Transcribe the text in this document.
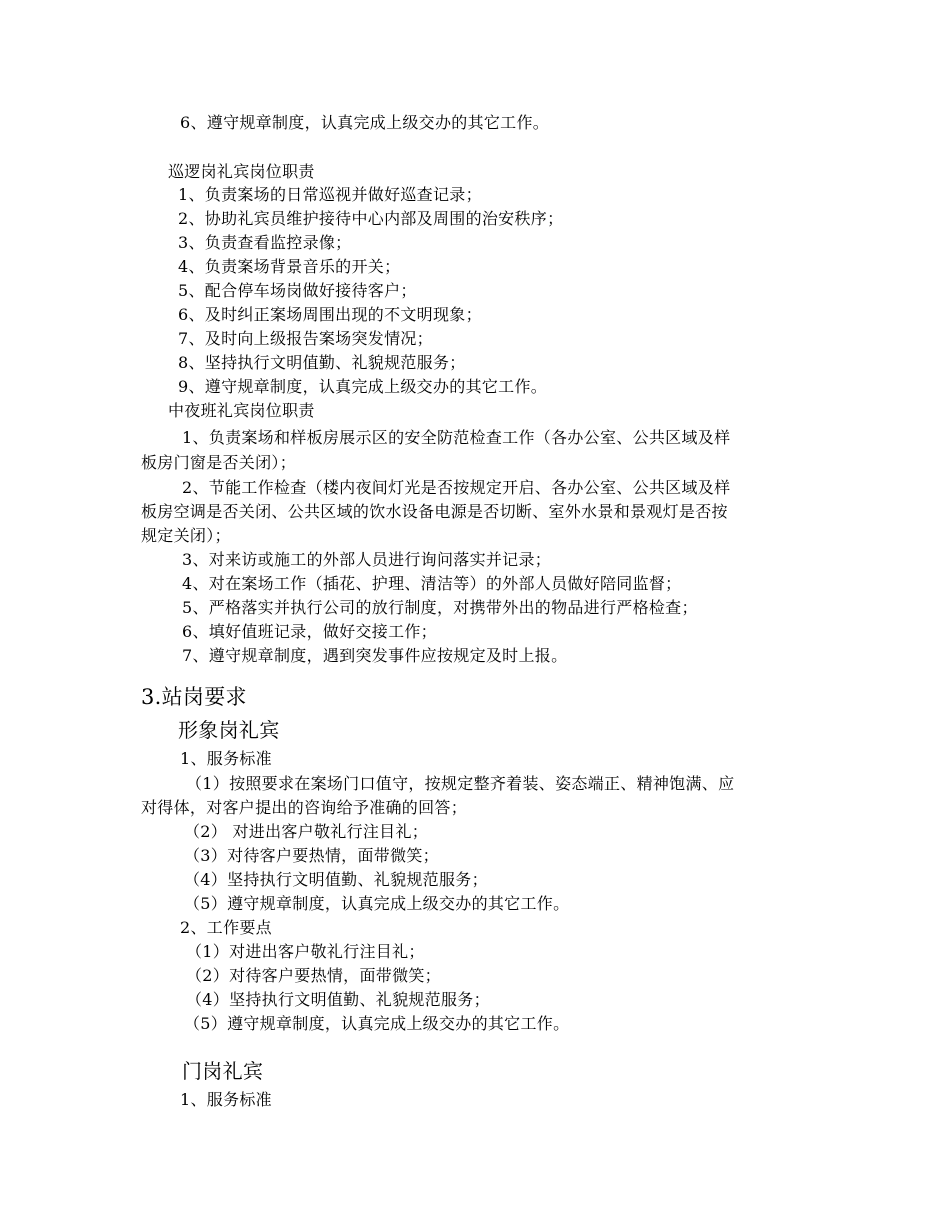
6、遵守规章制度，认真完成上级交办的其它工作。
巡逻岗礼宾岗位职责
1、负责案场的日常巡视并做好巡查记录；
2、协助礼宾员维护接待中心内部及周围的治安秩序；
3、负责查看监控录像；
4、负责案场背景音乐的开关；
5、配合停车场岗做好接待客户；
6、及时纠正案场周围出现的不文明现象；
7、及时向上级报告案场突发情况；
8、坚持执行文明值勤、礼貌规范服务；
9、遵守规章制度，认真完成上级交办的其它工作。
中夜班礼宾岗位职责
1、负责案场和样板房展示区的安全防范检查工作（各办公室、公共区域及样
板房门窗是否关闭）；
2、节能工作检查（楼内夜间灯光是否按规定开启、各办公室、公共区域及样
板房空调是否关闭、公共区域的饮水设备电源是否切断、室外水景和景观灯是否按
规定关闭）；
3、对来访或施工的外部人员进行询问落实并记录；
4、对在案场工作（插花、护理、清洁等）的外部人员做好陪同监督；
5、严格落实并执行公司的放行制度，对携带外出的物品进行严格检查；
6、填好值班记录，做好交接工作；
7、遵守规章制度，遇到突发事件应按规定及时上报。
3.站岗要求
形象岗礼宾
1、服务标准
（1）按照要求在案场门口值守，按规定整齐着装、姿态端正、精神饱满、应
对得体，对客户提出的咨询给予准确的回答；
（2） 对进出客户敬礼行注目礼；
（3）对待客户要热情，面带微笑；
（4）坚持执行文明值勤、礼貌规范服务；
（5）遵守规章制度，认真完成上级交办的其它工作。
2、工作要点
（1）对进出客户敬礼行注目礼；
（2）对待客户要热情，面带微笑；
（4）坚持执行文明值勤、礼貌规范服务；
（5）遵守规章制度，认真完成上级交办的其它工作。
门岗礼宾
1、服务标准
